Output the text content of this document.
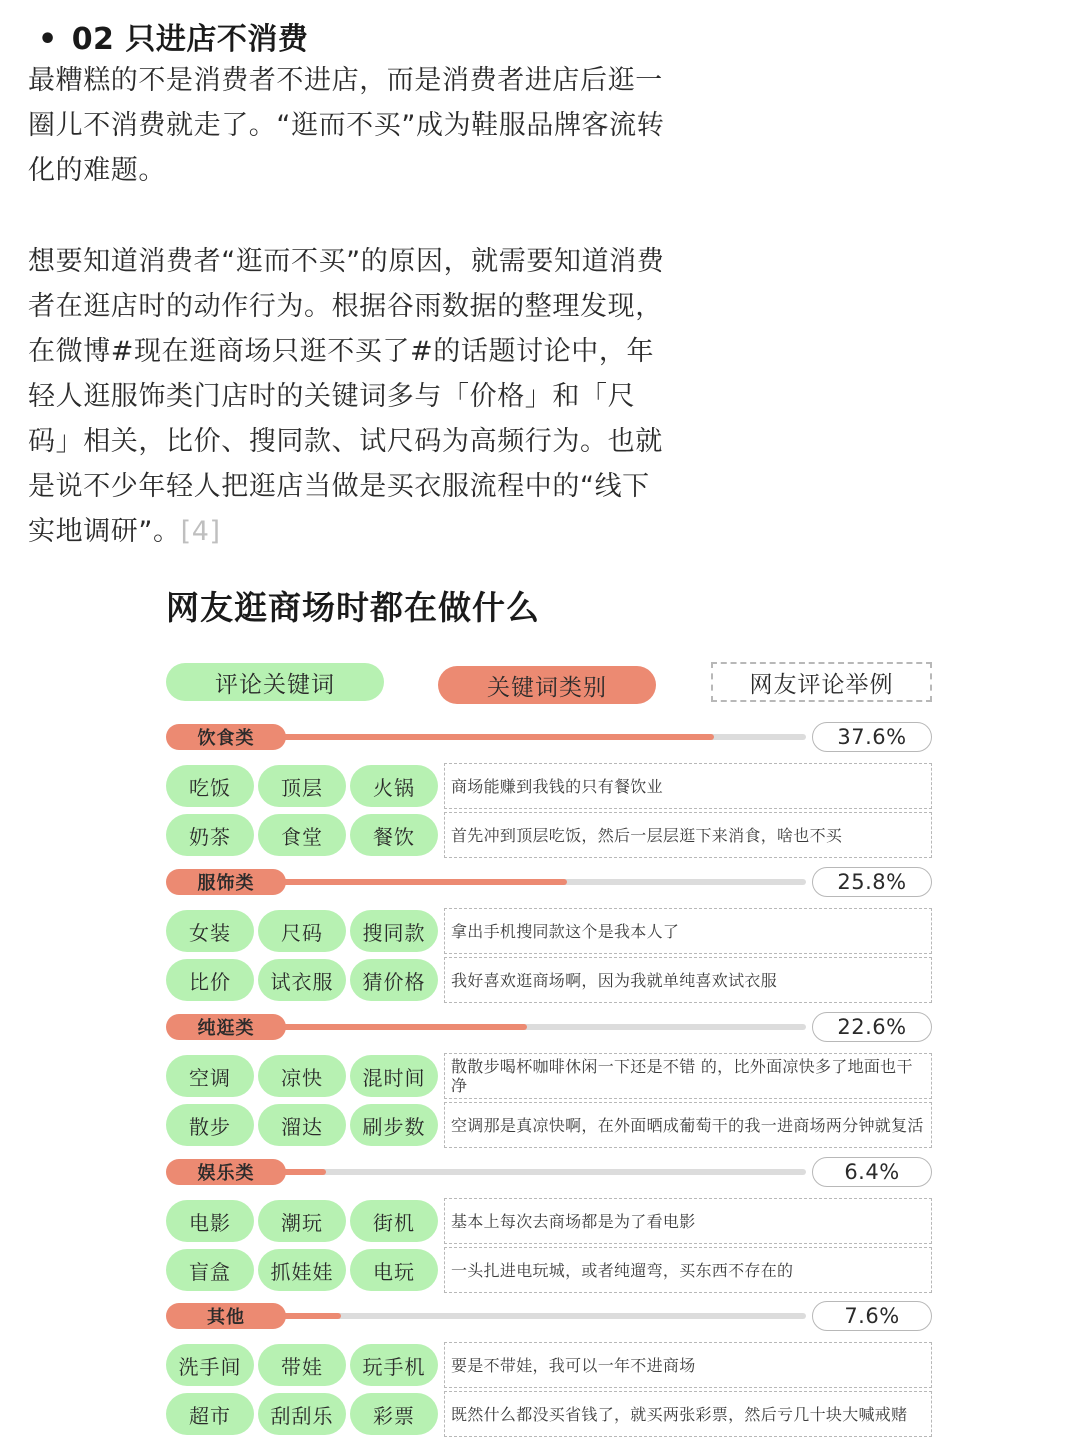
• 02 只进店不消费

最糟糕的不是消费者不进店，而是消费者进店后逛一圈儿不消费就走了。“逛而不买”成为鞋服品牌客流转化的难题。

想要知道消费者“逛而不买”的原因，就需要知道消费者在逛店时的动作行为。根据谷雨数据的整理发现，在微博#现在逛商场只逛不买了#的话题讨论中，年轻人逛服饰类门店时的关键词多与「价格」和「尺码」相关，比价、搜同款、试尺码为高频行为。也就是说不少年轻人把逛店当做是买衣服流程中的“线下实地调研”。[4]

网友逛商场时都在做什么
评论关键词	关键词类别	网友评论举例
饮食类	37.6%
吃饭	顶层	火锅	商场能赚到我钱的只有餐饮业
奶茶	食堂	餐饮	首先冲到顶层吃饭，然后一层层逛下来消食，啥也不买
服饰类	25.8%
女装	尺码	搜同款	拿出手机搜同款这个是我本人了
比价	试衣服	猜价格	我好喜欢逛商场啊，因为我就单纯喜欢试衣服
纯逛类	22.6%
空调	凉快	混时间	散散步喝杯咖啡休闲一下还是不错 的，比外面凉快多了地面也干净
散步	溜达	刷步数	空调那是真凉快啊，在外面晒成葡萄干的我一进商场两分钟就复活
娱乐类	6.4%
电影	潮玩	街机	基本上每次去商场都是为了看电影
盲盒	抓娃娃	电玩	一头扎进电玩城，或者纯遛弯，买东西不存在的
其他	7.6%
洗手间	带娃	玩手机	要是不带娃，我可以一年不进商场
超市	刮刮乐	彩票	既然什么都没买省钱了，就买两张彩票，然后亏几十块大喊戒赌
